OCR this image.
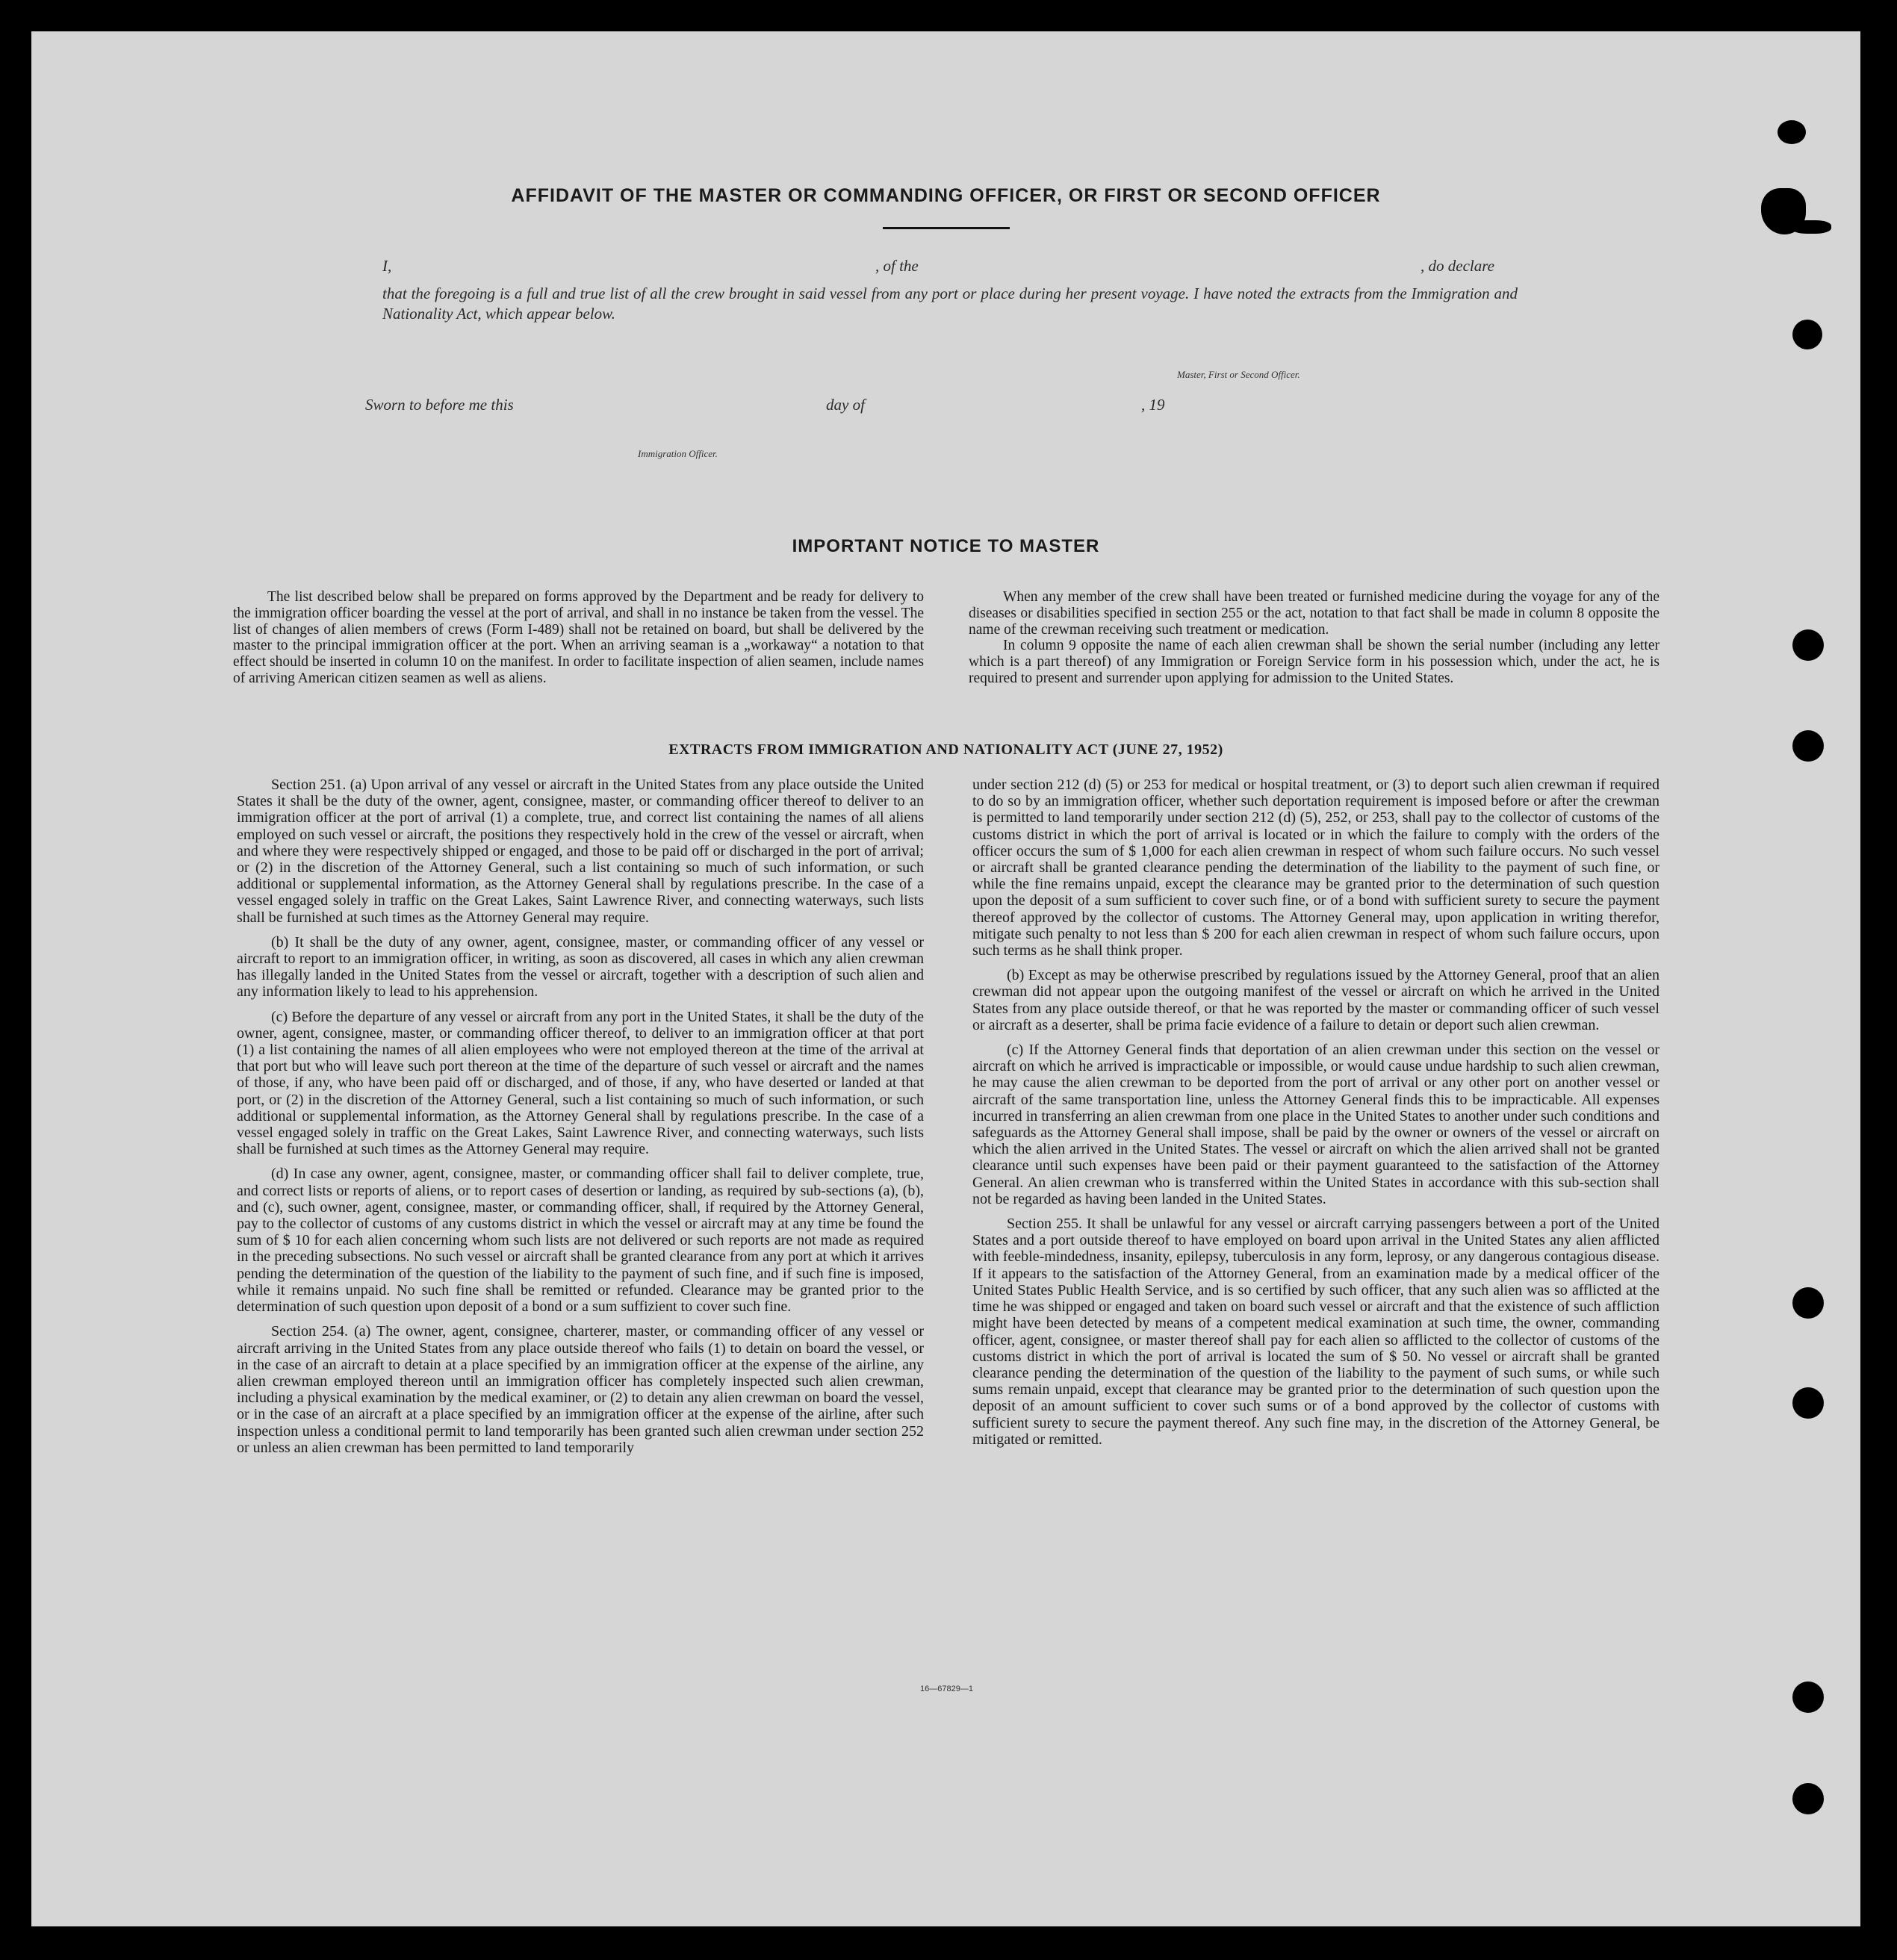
AFFIDAVIT OF THE MASTER OR COMMANDING OFFICER, OR FIRST OR SECOND OFFICER
I,	, of the	, do declare
that the foregoing is a full and true list of all the crew brought in said vessel from any port or place during her present voyage. I have noted the extracts from the Immigration and Nationality Act, which appear below.
Master, First or Second Officer.
Sworn to before me this	day of	, 19
Immigration Officer.
IMPORTANT NOTICE TO MASTER

The list described below shall be prepared on forms approved by the Department and be ready for delivery to the immigration officer boarding the vessel at the port of arrival, and shall in no instance be taken from the vessel. The list of changes of alien members of crews (Form I-489) shall not be retained on board, but shall be delivered by the master to the principal immigration officer at the port. When an arriving seaman is a „workaway“ a notation to that effect should be inserted in column 10 on the manifest. In order to facilitate inspection of alien seamen, include names of arriving American citizen seamen as well as aliens.

When any member of the crew shall have been treated or furnished medicine during the voyage for any of the diseases or disabilities specified in section 255 or the act, notation to that fact shall be made in column 8 opposite the name of the crewman receiving such treatment or medication.

In column 9 opposite the name of each alien crewman shall be shown the serial number (including any letter which is a part thereof) of any Immigration or Foreign Service form in his possession which, under the act, he is required to present and surrender upon applying for admission to the United States.

EXTRACTS FROM IMMIGRATION AND NATIONALITY ACT (JUNE 27, 1952)

Section 251. (a) Upon arrival of any vessel or aircraft in the United States from any place outside the United States it shall be the duty of the owner, agent, consignee, master, or commanding officer thereof to deliver to an immigration officer at the port of arrival (1) a complete, true, and correct list containing the names of all aliens employed on such vessel or aircraft, the positions they respectively hold in the crew of the vessel or aircraft, when and where they were respectively shipped or engaged, and those to be paid off or discharged in the port of arrival; or (2) in the discretion of the Attorney General, such a list containing so much of such information, or such additional or supplemental information, as the Attorney General shall by regulations prescribe. In the case of a vessel engaged solely in traffic on the Great Lakes, Saint Lawrence River, and connecting waterways, such lists shall be furnished at such times as the Attorney General may require.

(b) It shall be the duty of any owner, agent, consignee, master, or commanding officer of any vessel or aircraft to report to an immigration officer, in writing, as soon as discovered, all cases in which any alien crewman has illegally landed in the United States from the vessel or aircraft, together with a description of such alien and any information likely to lead to his apprehension.

(c) Before the departure of any vessel or aircraft from any port in the United States, it shall be the duty of the owner, agent, consignee, master, or commanding officer thereof, to deliver to an immigration officer at that port (1) a list containing the names of all alien employees who were not employed thereon at the time of the arrival at that port but who will leave such port thereon at the time of the departure of such vessel or aircraft and the names of those, if any, who have been paid off or discharged, and of those, if any, who have deserted or landed at that port, or (2) in the discretion of the Attorney General, such a list containing so much of such information, or such additional or supplemental information, as the Attorney General shall by regulations prescribe. In the case of a vessel engaged solely in traffic on the Great Lakes, Saint Lawrence River, and connecting waterways, such lists shall be furnished at such times as the Attorney General may require.

(d) In case any owner, agent, consignee, master, or commanding officer shall fail to deliver complete, true, and correct lists or reports of aliens, or to report cases of desertion or landing, as required by sub-sections (a), (b), and (c), such owner, agent, consignee, master, or commanding officer, shall, if required by the Attorney General, pay to the collector of customs of any customs district in which the vessel or aircraft may at any time be found the sum of $ 10 for each alien concerning whom such lists are not delivered or such reports are not made as required in the preceding subsections. No such vessel or aircraft shall be granted clearance from any port at which it arrives pending the determination of the question of the liability to the payment of such fine, and if such fine is imposed, while it remains unpaid. No such fine shall be remitted or refunded. Clearance may be granted prior to the determination of such question upon deposit of a bond or a sum suffizient to cover such fine.

Section 254. (a) The owner, agent, consignee, charterer, master, or commanding officer of any vessel or aircraft arriving in the United States from any place outside thereof who fails (1) to detain on board the vessel, or in the case of an aircraft to detain at a place specified by an immigration officer at the expense of the airline, any alien crewman employed thereon until an immigration officer has completely inspected such alien crewman, including a physical examination by the medical examiner, or (2) to detain any alien crewman on board the vessel, or in the case of an aircraft at a place specified by an immigration officer at the expense of the airline, after such inspection unless a conditional permit to land temporarily has been granted such alien crewman under section 252 or unless an alien crewman has been permitted to land temporarily

under section 212 (d) (5) or 253 for medical or hospital treatment, or (3) to deport such alien crewman if required to do so by an immigration officer, whether such deportation requirement is imposed before or after the crewman is permitted to land temporarily under section 212 (d) (5), 252, or 253, shall pay to the collector of customs of the customs district in which the port of arrival is located or in which the failure to comply with the orders of the officer occurs the sum of $ 1,000 for each alien crewman in respect of whom such failure occurs. No such vessel or aircraft shall be granted clearance pending the determination of the liability to the payment of such fine, or while the fine remains unpaid, except the clearance may be granted prior to the determination of such question upon the deposit of a sum sufficient to cover such fine, or of a bond with sufficient surety to secure the payment thereof approved by the collector of customs. The Attorney General may, upon application in writing therefor, mitigate such penalty to not less than $ 200 for each alien crewman in respect of whom such failure occurs, upon such terms as he shall think proper.

(b) Except as may be otherwise prescribed by regulations issued by the Attorney General, proof that an alien crewman did not appear upon the outgoing manifest of the vessel or aircraft on which he arrived in the United States from any place outside thereof, or that he was reported by the master or commanding officer of such vessel or aircraft as a deserter, shall be prima facie evidence of a failure to detain or deport such alien crewman.

(c) If the Attorney General finds that deportation of an alien crewman under this section on the vessel or aircraft on which he arrived is impracticable or impossible, or would cause undue hardship to such alien crewman, he may cause the alien crewman to be deported from the port of arrival or any other port on another vessel or aircraft of the same transportation line, unless the Attorney General finds this to be impracticable. All expenses incurred in transferring an alien crewman from one place in the United States to another under such conditions and safeguards as the Attorney General shall impose, shall be paid by the owner or owners of the vessel or aircraft on which the alien arrived in the United States. The vessel or aircraft on which the alien arrived shall not be granted clearance until such expenses have been paid or their payment guaranteed to the satisfaction of the Attorney General. An alien crewman who is transferred within the United States in accordance with this sub-section shall not be regarded as having been landed in the United States.

Section 255. It shall be unlawful for any vessel or aircraft carrying passengers between a port of the United States and a port outside thereof to have employed on board upon arrival in the United States any alien afflicted with feeble-mindedness, insanity, epilepsy, tuberculosis in any form, leprosy, or any dangerous contagious disease. If it appears to the satisfaction of the Attorney General, from an examination made by a medical officer of the United States Public Health Service, and is so certified by such officer, that any such alien was so afflicted at the time he was shipped or engaged and taken on board such vessel or aircraft and that the existence of such affliction might have been detected by means of a competent medical examination at such time, the owner, commanding officer, agent, consignee, or master thereof shall pay for each alien so afflicted to the collector of customs of the customs district in which the port of arrival is located the sum of $ 50. No vessel or aircraft shall be granted clearance pending the determination of the question of the liability to the payment of such sums, or while such sums remain unpaid, except that clearance may be granted prior to the determination of such question upon the deposit of an amount sufficient to cover such sums or of a bond approved by the collector of customs with sufficient surety to secure the payment thereof. Any such fine may, in the discretion of the Attorney General, be mitigated or remitted.

16—67829—1
